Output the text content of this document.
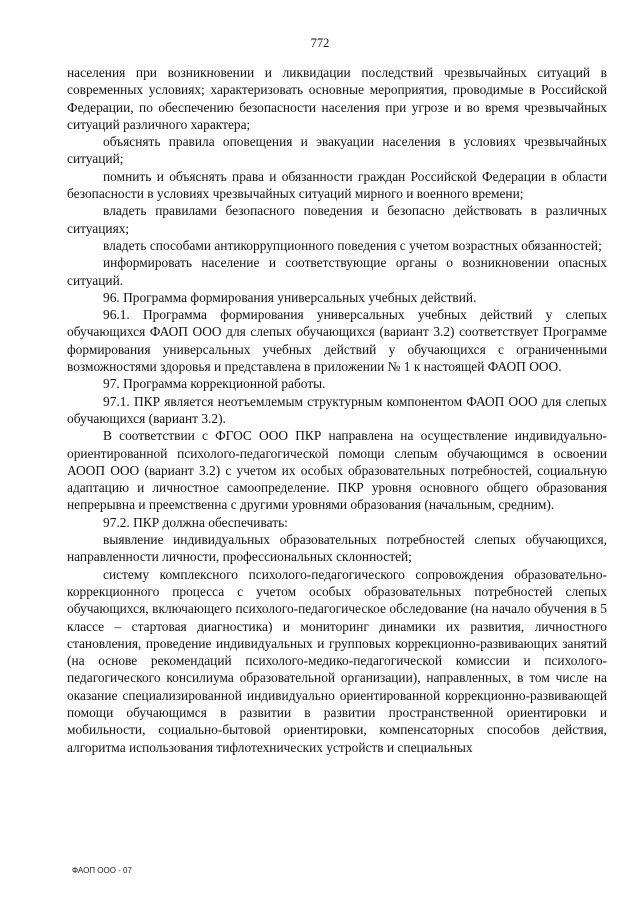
772

населения при возникновении и ликвидации последствий чрезвычайных ситуаций в современных условиях; характеризовать основные мероприятия, проводимые в Российской Федерации, по обеспечению безопасности населения при угрозе и во время чрезвычайных ситуаций различного характера;

объяснять правила оповещения и эвакуации населения в условиях чрезвычайных ситуаций;

помнить и объяснять права и обязанности граждан Российской Федерации в области безопасности в условиях чрезвычайных ситуаций мирного и военного времени;

владеть правилами безопасного поведения и безопасно действовать в различных ситуациях;

владеть способами антикоррупционного поведения с учетом возрастных обязанностей;

информировать население и соответствующие органы о возникновении опасных ситуаций.

96. Программа формирования универсальных учебных действий.

96.1. Программа формирования универсальных учебных действий у слепых обучающихся ФАОП ООО для слепых обучающихся (вариант 3.2) соответствует Программе формирования универсальных учебных действий у обучающихся с ограниченными возможностями здоровья и представлена в приложении № 1 к настоящей ФАОП ООО.

97. Программа коррекционной работы.

97.1. ПКР является неотъемлемым структурным компонентом ФАОП ООО для слепых обучающихся (вариант 3.2).

В соответствии с ФГОС ООО ПКР направлена на осуществление индивидуально-ориентированной психолого-педагогической помощи слепым обучающимся в освоении АООП ООО (вариант 3.2) с учетом их особых образовательных потребностей, социальную адаптацию и личностное самоопределение. ПКР уровня основного общего образования непрерывна и преемственна с другими уровнями образования (начальным, средним).

97.2. ПКР должна обеспечивать:

выявление индивидуальных образовательных потребностей слепых обучающихся, направленности личности, профессиональных склонностей;

систему комплексного психолого-педагогического сопровождения образовательно-коррекционного процесса с учетом особых образовательных потребностей слепых обучающихся, включающего психолого-педагогическое обследование (на начало обучения в 5 классе – стартовая диагностика) и мониторинг динамики их развития, личностного становления, проведение индивидуальных и групповых коррекционно-развивающих занятий (на основе рекомендаций психолого-медико-педагогической комиссии и психолого-педагогического консилиума образовательной организации), направленных, в том числе на оказание специализированной индивидуально ориентированной коррекционно-развивающей помощи обучающимся в развитии в развитии пространственной ориентировки и мобильности, социально-бытовой ориентировки, компенсаторных способов действия, алгоритма использования тифлотехнических устройств и специальных

ФАОП ООО - 07
